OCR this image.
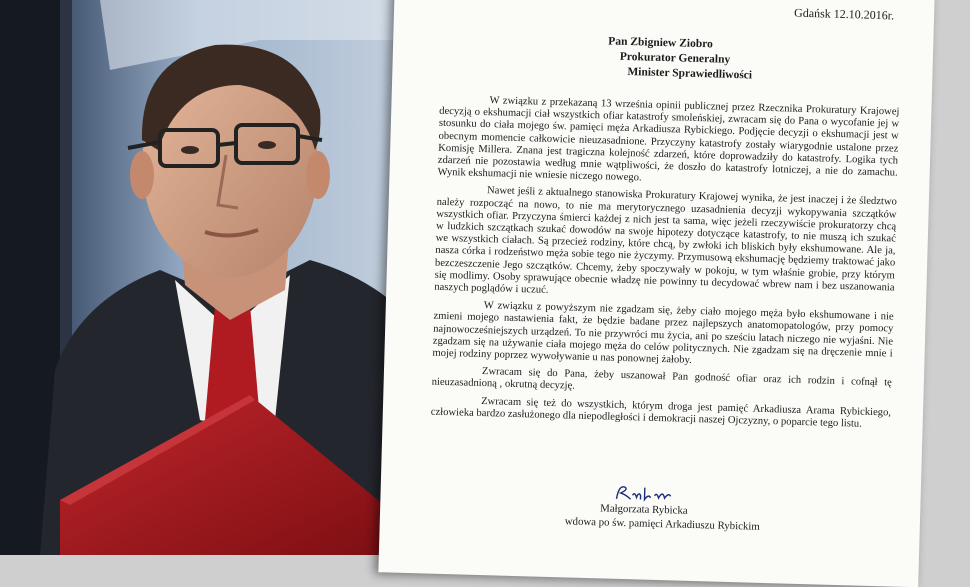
Gdańsk 12.10.2016r.
Pan Zbigniew Ziobro
Prokurator Generalny
Minister Sprawiedliwości

W związku z przekazaną 13 września opinii publicznej przez Rzecznika Prokuratury Krajowej decyzją o ekshumacji ciał wszystkich ofiar katastrofy smoleńskiej, zwracam się do Pana o wycofanie jej w stosunku do ciała mojego św. pamięci męża Arkadiusza Rybickiego. Podjęcie decyzji o ekshumacji jest w obecnym momencie całkowicie nieuzasadnione. Przyczyny katastrofy zostały wiarygodnie ustalone przez Komisję Millera. Znana jest tragiczna kolejność zdarzeń, które doprowadziły do katastrofy. Logika tych zdarzeń nie pozostawia według mnie wątpliwości, że doszło do katastrofy lotniczej, a nie do zamachu. Wynik ekshumacji nie wniesie niczego nowego.

Nawet jeśli z aktualnego stanowiska Prokuratury Krajowej wynika, że jest inaczej i że śledztwo należy rozpocząć na nowo, to nie ma merytorycznego uzasadnienia decyzji wykopywania szczątków wszystkich ofiar. Przyczyna śmierci każdej z nich jest ta sama, więc jeżeli rzeczywiście prokuratorzy chcą w ludzkich szczątkach szukać dowodów na swoje hipotezy dotyczące katastrofy, to nie muszą ich szukać we wszystkich ciałach. Są przecież rodziny, które chcą, by zwłoki ich bliskich były ekshumowane. Ale ja, nasza córka i rodzeństwo męża sobie tego nie życzymy. Przymusową ekshumację będziemy traktować jako bezczeszczenie Jego szczątków. Chcemy, żeby spoczywały w pokoju, w tym właśnie grobie, przy którym się modlimy. Osoby sprawujące obecnie władzę nie powinny tu decydować wbrew nam i bez uszanowania naszych poglądów i uczuć.

W związku z powyższym nie zgadzam się, żeby ciało mojego męża było ekshumowane i nie zmieni mojego nastawienia fakt, że będzie badane przez najlepszych anatomopatologów, przy pomocy najnowocześniejszych urządzeń. To nie przywróci mu życia, ani po sześciu latach niczego nie wyjaśni. Nie zgadzam się na używanie ciała mojego męża do celów politycznych. Nie zgadzam się na dręczenie mnie i mojej rodziny poprzez wywoływanie u nas ponownej żałoby.

Zwracam się do Pana, żeby uszanował Pan godność ofiar oraz ich rodzin i cofnął tę nieuzasadnioną , okrutną decyzję.

Zwracam się też do wszystkich, którym droga jest pamięć Arkadiusza Arama Rybickiego, człowieka bardzo zasłużonego dla niepodległości i demokracji naszej Ojczyzny, o poparcie tego listu.

Małgorzata Rybicka
wdowa po św. pamięci Arkadiuszu Rybickim
